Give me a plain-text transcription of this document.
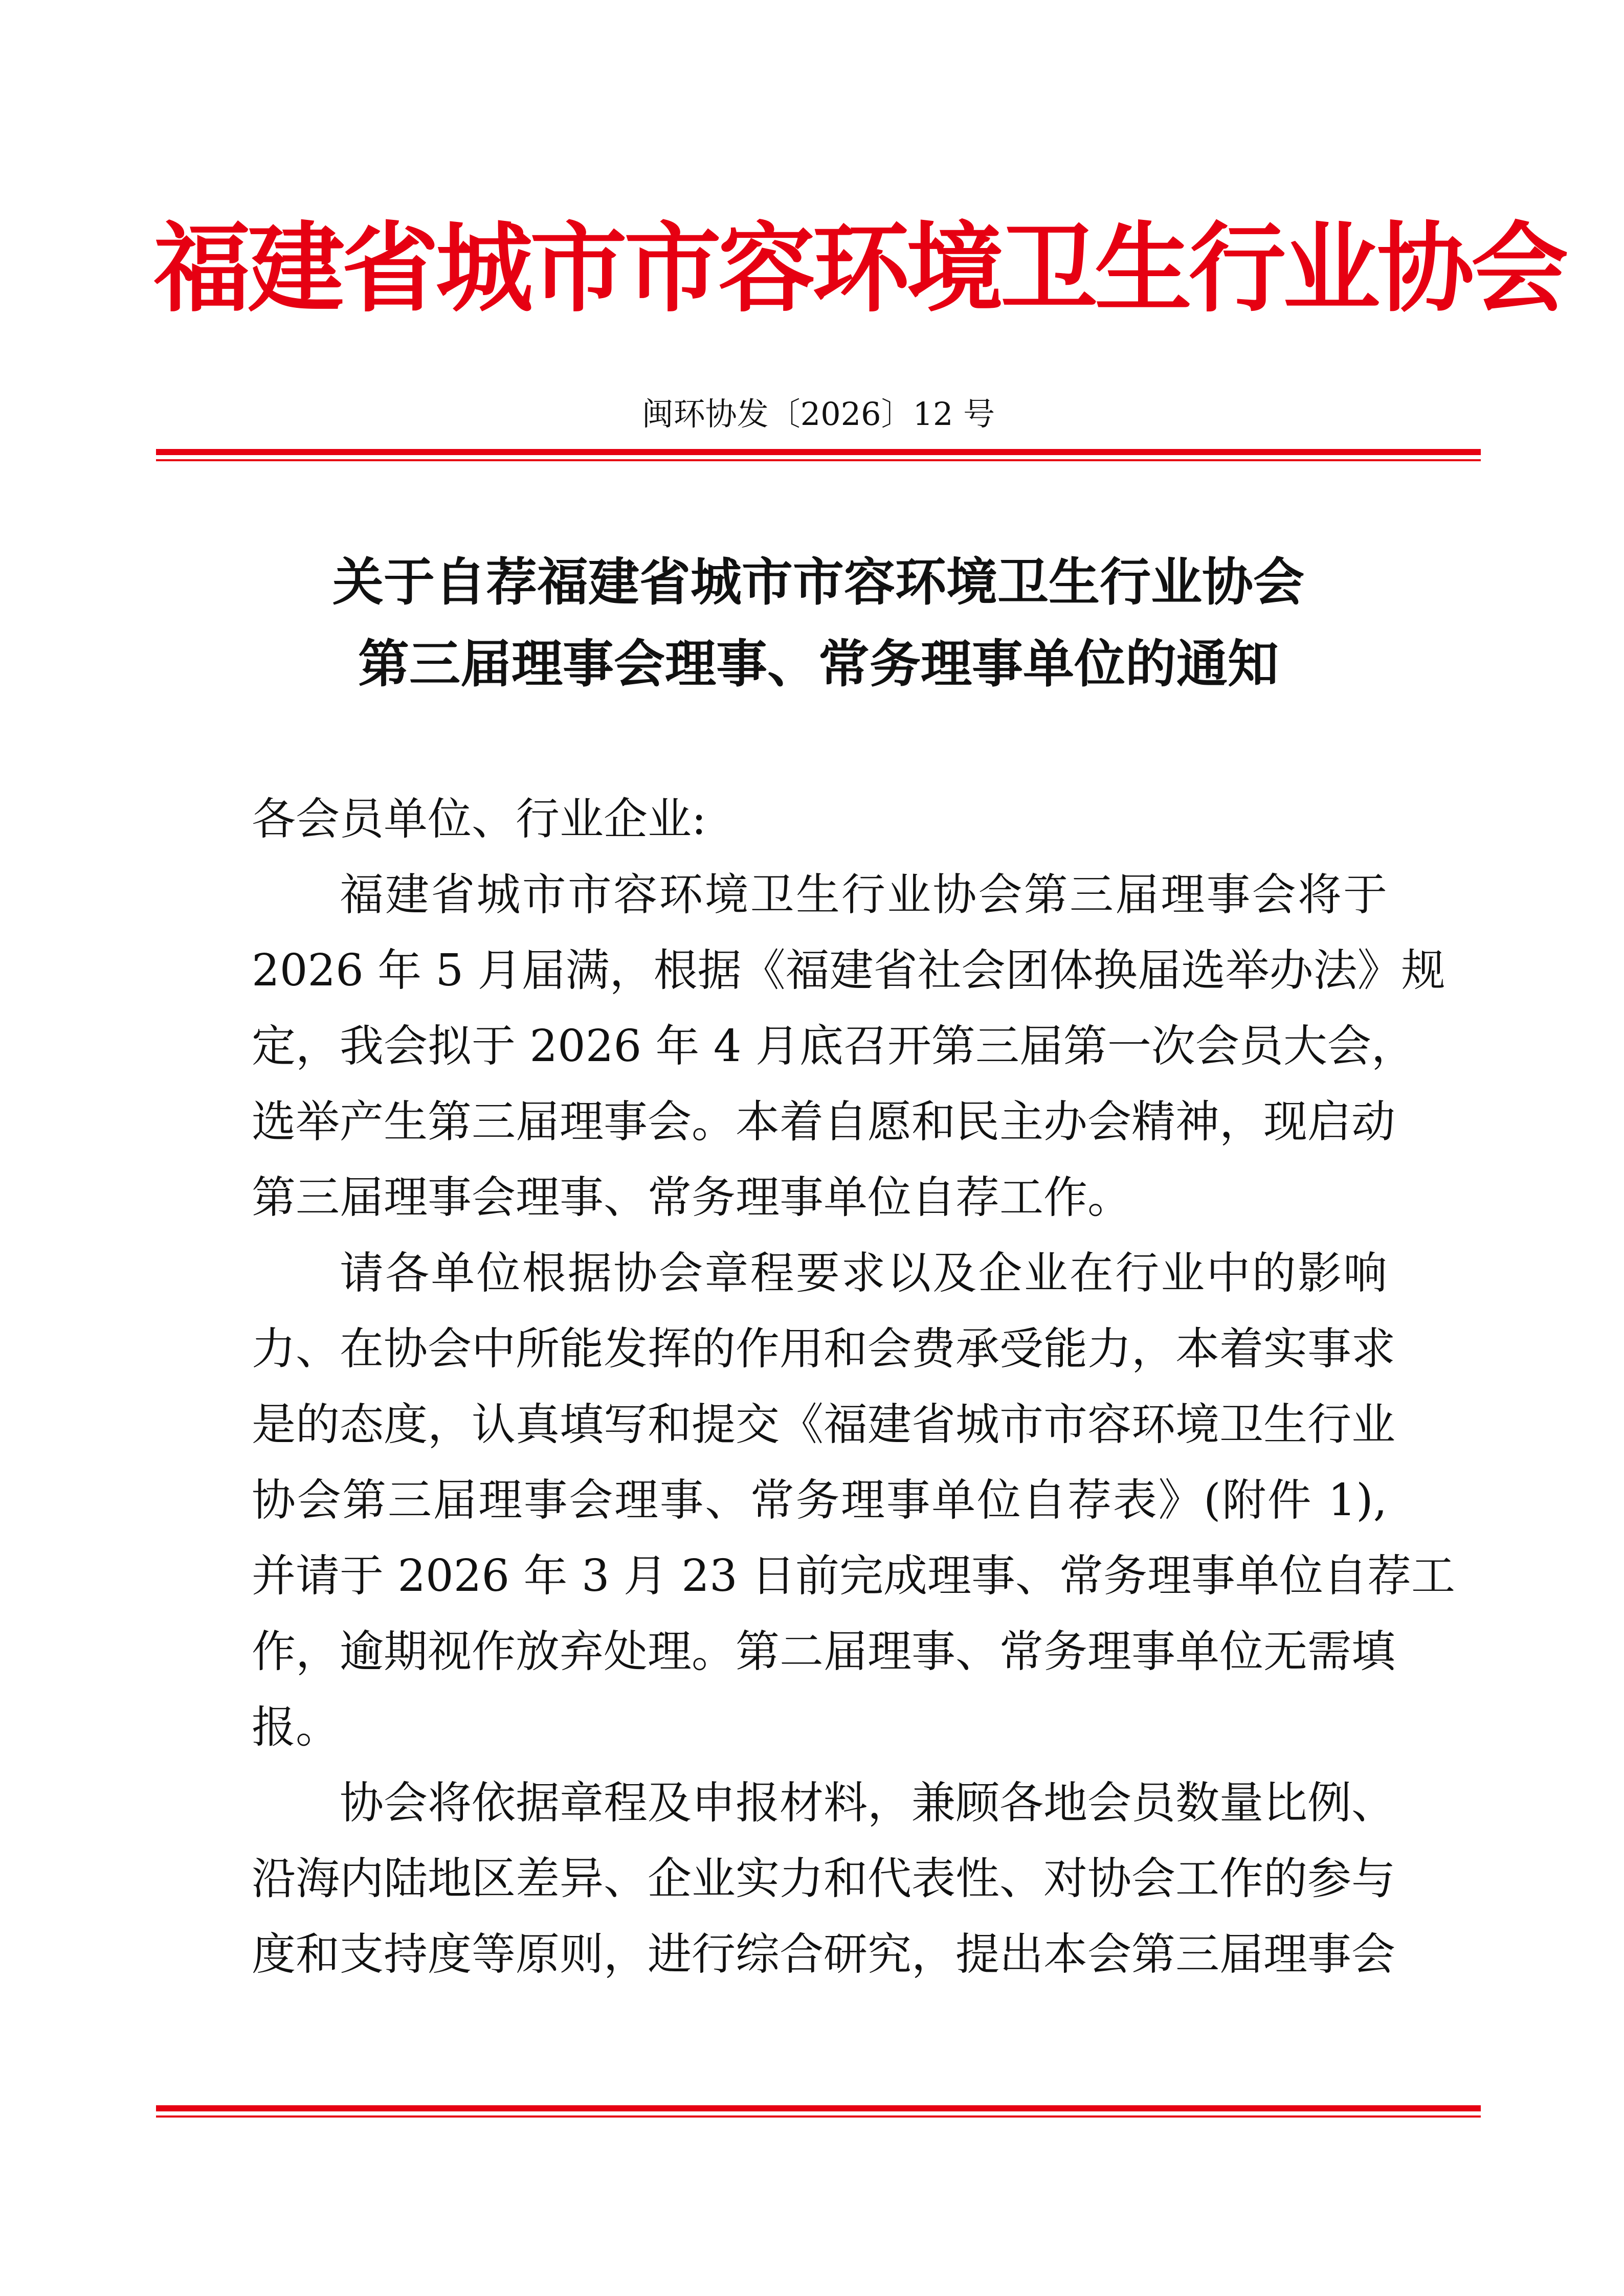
福建省城市市容环境卫生行业协会
闽环协发〔2026〕12 号
关于自荐福建省城市市容环境卫生行业协会
第三届理事会理事、常务理事单位的通知

各会员单位、行业企业:

福建省城市市容环境卫生行业协会第三届理事会将于
2026 年 5 月届满，根据《福建省社会团体换届选举办法》规
定，我会拟于 2026 年 4 月底召开第三届第一次会员大会，
选举产生第三届理事会。本着自愿和民主办会精神，现启动
第三届理事会理事、常务理事单位自荐工作。
请各单位根据协会章程要求以及企业在行业中的影响
力、在协会中所能发挥的作用和会费承受能力，本着实事求
是的态度，认真填写和提交《福建省城市市容环境卫生行业
协会第三届理事会理事、常务理事单位自荐表》(附件 1),
并请于 2026 年 3 月 23 日前完成理事、常务理事单位自荐工
作，逾期视作放弃处理。第二届理事、常务理事单位无需填
报。
协会将依据章程及申报材料，兼顾各地会员数量比例、
沿海内陆地区差异、企业实力和代表性、对协会工作的参与
度和支持度等原则，进行综合研究，提出本会第三届理事会
